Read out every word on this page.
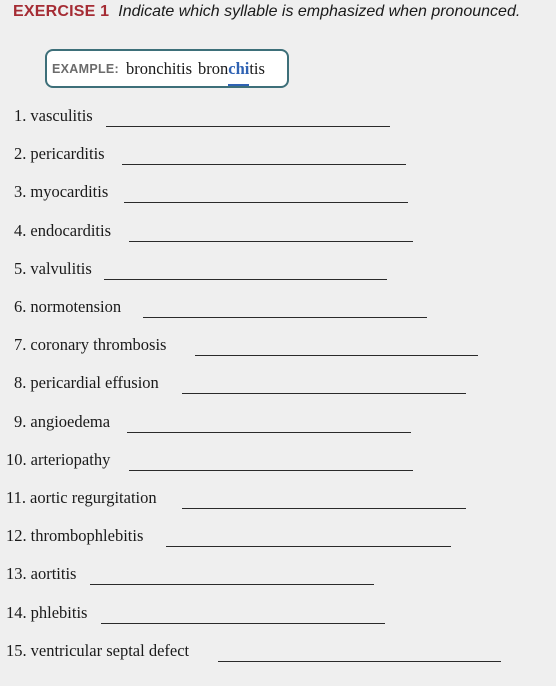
EXERCISE 1 Indicate which syllable is emphasized when pronounced.
EXAMPLE: bronchitis bronchitis
1. vasculitis
2. pericarditis
3. myocarditis
4. endocarditis
5. valvulitis
6. normotension
7. coronary thrombosis
8. pericardial effusion
9. angioedema
10. arteriopathy
11. aortic regurgitation
12. thrombophlebitis
13. aortitis
14. phlebitis
15. ventricular septal defect
